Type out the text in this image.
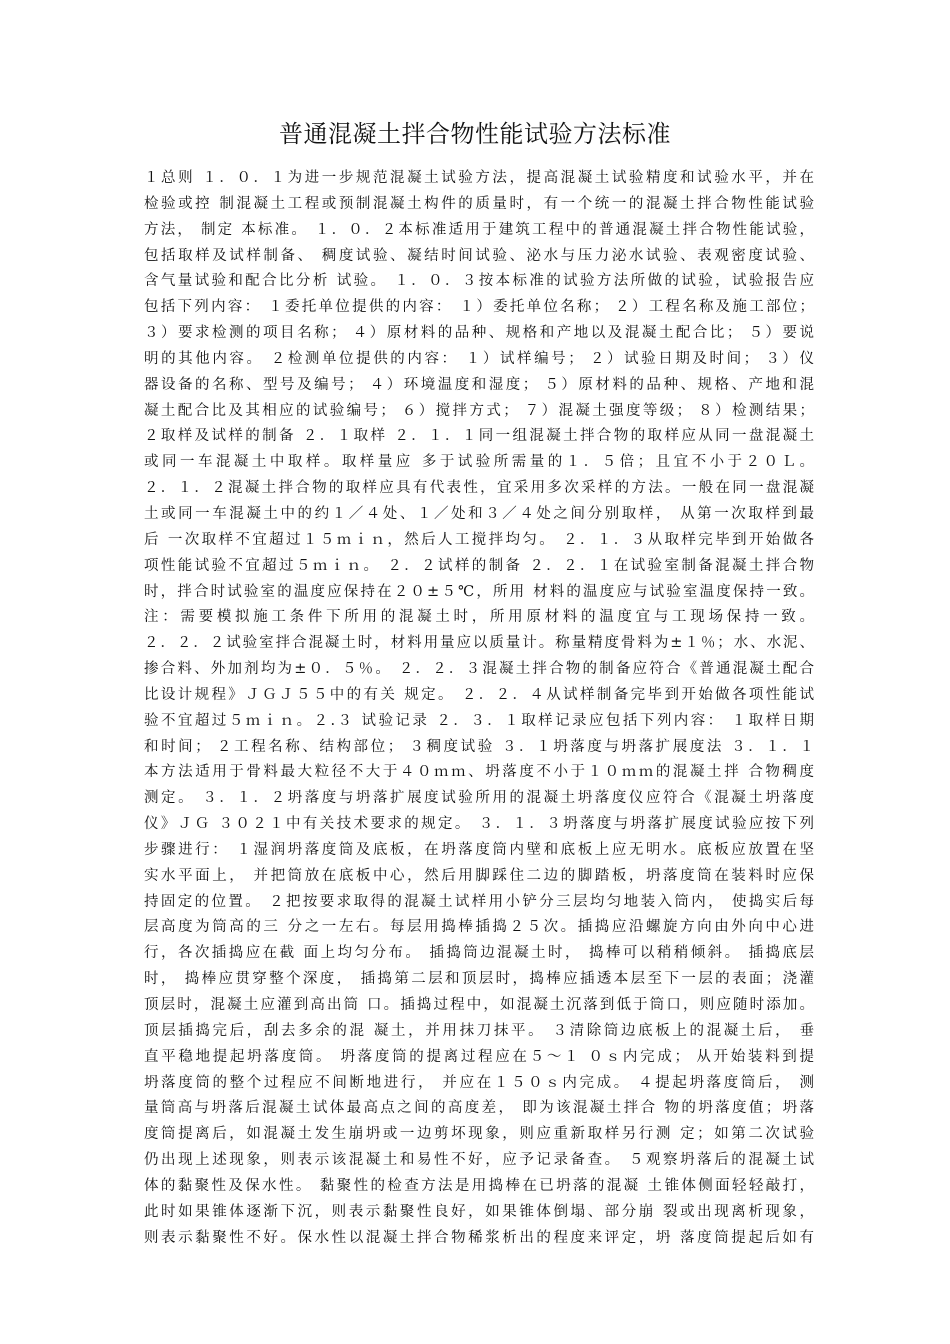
普通混凝土拌合物性能试验方法标准
１总则 １．０．１为进一步规范混凝土试验方法，提高混凝土试验精度和试验水平，并在
检验或控 制混凝土工程或预制混凝土构件的质量时，有一个统一的混凝土拌合物性能试验
方法， 制定 本标准。 １．０．２本标准适用于建筑工程中的普通混凝土拌合物性能试验，
包括取样及试样制备、 稠度试验、凝结时间试验、泌水与压力泌水试验、表观密度试验、
含气量试验和配合比分析 试验。 １．０．３按本标准的试验方法所做的试验，试验报告应
包括下列内容： １委托单位提供的内容： １）委托单位名称； ２）工程名称及施工部位；
３）要求检测的项目名称； ４）原材料的品种、规格和产地以及混凝土配合比； ５）要说
明的其他内容。 ２检测单位提供的内容： １）试样编号； ２）试验日期及时间； ３）仪
器设备的名称、型号及编号； ４）环境温度和湿度； ５）原材料的品种、规格、产地和混
凝土配合比及其相应的试验编号； ６）搅拌方式； ７）混凝土强度等级； ８）检测结果；
２取样及试样的制备 ２．１取样 ２．１．１同一组混凝土拌合物的取样应从同一盘混凝土
或同一车混凝土中取样。取样量应 多于试验所需量的１．５倍；且宜不小于２０Ｌ。
２．１．２混凝土拌合物的取样应具有代表性，宜采用多次采样的方法。一般在同一盘混凝
土或同一车混凝土中的约１／４处、１／处和３／４处之间分别取样， 从第一次取样到最
后 一次取样不宜超过１５ｍｉｎ，然后人工搅拌均匀。 ２．１．３从取样完毕到开始做各
项性能试验不宜超过５ｍｉｎ。 ２．２试样的制备 ２．２．１在试验室制备混凝土拌合物
时，拌合时试验室的温度应保持在２０±５℃，所用 材料的温度应与试验室温度保持一致。
注：需要模拟施工条件下所用的混凝土时，所用原材料的温度宜与工现场保持一致。
２．２．２试验室拌合混凝土时，材料用量应以质量计。称量精度骨料为±１％；水、水泥、
掺合料、外加剂均为±０．５％。 ２．２．３混凝土拌合物的制备应符合《普通混凝土配合
比设计规程》ＪＧＪ５５中的有关 规定。 ２．２．４从试样制备完毕到开始做各项性能试
验不宜超过５ｍｉｎ。２.３ 试验记录 ２．３．１取样记录应包括下列内容： １取样日期
和时间； ２工程名称、结构部位； ３稠度试验 ３．１坍落度与坍落扩展度法 ３．１．１
本方法适用于骨料最大粒径不大于４０ｍｍ、坍落度不小于１０ｍｍ的混凝土拌 合物稠度
测定。 ３．１．２坍落度与坍落扩展度试验所用的混凝土坍落度仪应符合《混凝土坍落度
仪》ＪＧ ３０２１中有关技术要求的规定。 ３．１．３坍落度与坍落扩展度试验应按下列
步骤进行： １湿润坍落度筒及底板，在坍落度筒内壁和底板上应无明水。底板应放置在坚
实水平面上， 并把筒放在底板中心，然后用脚踩住二边的脚踏板，坍落度筒在装料时应保
持固定的位置。 ２把按要求取得的混凝土试样用小铲分三层均匀地装入筒内， 使捣实后每
层高度为筒高的三 分之一左右。每层用捣棒插捣２５次。插捣应沿螺旋方向由外向中心进
行，各次插捣应在截 面上均匀分布。 插捣筒边混凝土时， 捣棒可以稍稍倾斜。 插捣底层
时， 捣棒应贯穿整个深度， 插捣第二层和顶层时，捣棒应插透本层至下一层的表面；浇灌
顶层时，混凝土应灌到高出筒 口。插捣过程中，如混凝土沉落到低于筒口，则应随时添加。
顶层插捣完后，刮去多余的混 凝土，并用抹刀抹平。 ３清除筒边底板上的混凝土后， 垂
直平稳地提起坍落度筒。 坍落度筒的提离过程应在５～１ ０ｓ内完成； 从开始装料到提
坍落度筒的整个过程应不间断地进行， 并应在１５０ｓ内完成。 ４提起坍落度筒后， 测
量筒高与坍落后混凝土试体最高点之间的高度差， 即为该混凝土拌合 物的坍落度值；坍落
度筒提离后，如混凝土发生崩坍或一边剪坏现象，则应重新取样另行测 定；如第二次试验
仍出现上述现象，则表示该混凝土和易性不好，应予记录备查。 ５观察坍落后的混凝土试
体的黏聚性及保水性。 黏聚性的检查方法是用捣棒在已坍落的混凝 土锥体侧面轻轻敲打，
此时如果锥体逐渐下沉，则表示黏聚性良好，如果锥体倒塌、部分崩 裂或出现离析现象，
则表示黏聚性不好。保水性以混凝土拌合物稀浆析出的程度来评定，坍 落度筒提起后如有
